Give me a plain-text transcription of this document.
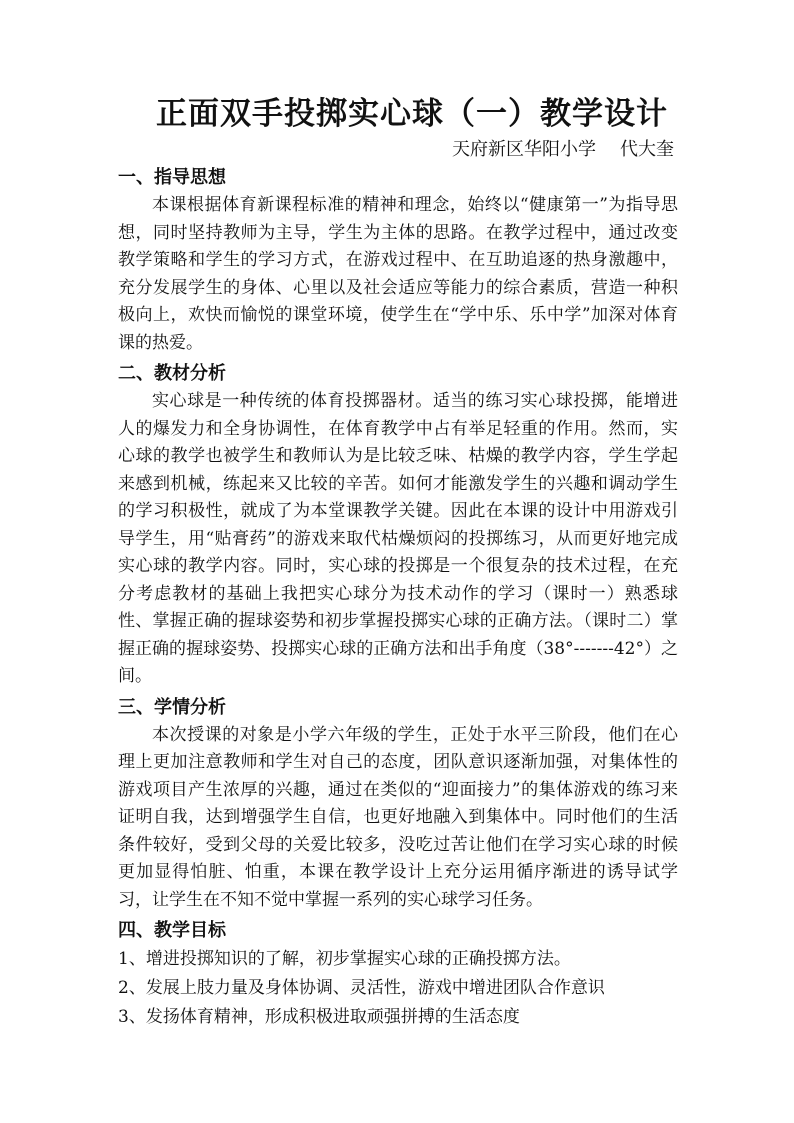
正面双手投掷实心球（一）教学设计
天府新区华阳小学 代大奎
一、指导思想

本课根据体育新课程标准的精神和理念，始终以“健康第一”为指导思想，同时坚持教师为主导，学生为主体的思路。在教学过程中，通过改变教学策略和学生的学习方式，在游戏过程中、在互助追逐的热身激趣中，充分发展学生的身体、心里以及社会适应等能力的综合素质，营造一种积极向上，欢快而愉悦的课堂环境，使学生在“学中乐、乐中学”加深对体育课的热爱。

二、教材分析

实心球是一种传统的体育投掷器材。适当的练习实心球投掷，能增进人的爆发力和全身协调性，在体育教学中占有举足轻重的作用。然而，实心球的教学也被学生和教师认为是比较乏味、枯燥的教学内容，学生学起来感到机械，练起来又比较的辛苦。如何才能激发学生的兴趣和调动学生的学习积极性，就成了为本堂课教学关键。因此在本课的设计中用游戏引导学生，用“贴膏药”的游戏来取代枯燥烦闷的投掷练习，从而更好地完成实心球的教学内容。同时，实心球的投掷是一个很复杂的技术过程，在充分考虑教材的基础上我把实心球分为技术动作的学习（课时一）熟悉球性、掌握正确的握球姿势和初步掌握投掷实心球的正确方法。（课时二）掌握正确的握球姿势、投掷实心球的正确方法和出手角度（38°-------42°）之间。

三、学情分析

本次授课的对象是小学六年级的学生，正处于水平三阶段，他们在心理上更加注意教师和学生对自己的态度，团队意识逐渐加强，对集体性的游戏项目产生浓厚的兴趣，通过在类似的“迎面接力”的集体游戏的练习来证明自我，达到增强学生自信，也更好地融入到集体中。同时他们的生活条件较好，受到父母的关爱比较多，没吃过苦让他们在学习实心球的时候更加显得怕脏、怕重，本课在教学设计上充分运用循序渐进的诱导试学习，让学生在不知不觉中掌握一系列的实心球学习任务。

四、教学目标

1、增进投掷知识的了解，初步掌握实心球的正确投掷方法。

2、发展上肢力量及身体协调、灵活性，游戏中增进团队合作意识

3、发扬体育精神，形成积极进取顽强拼搏的生活态度
